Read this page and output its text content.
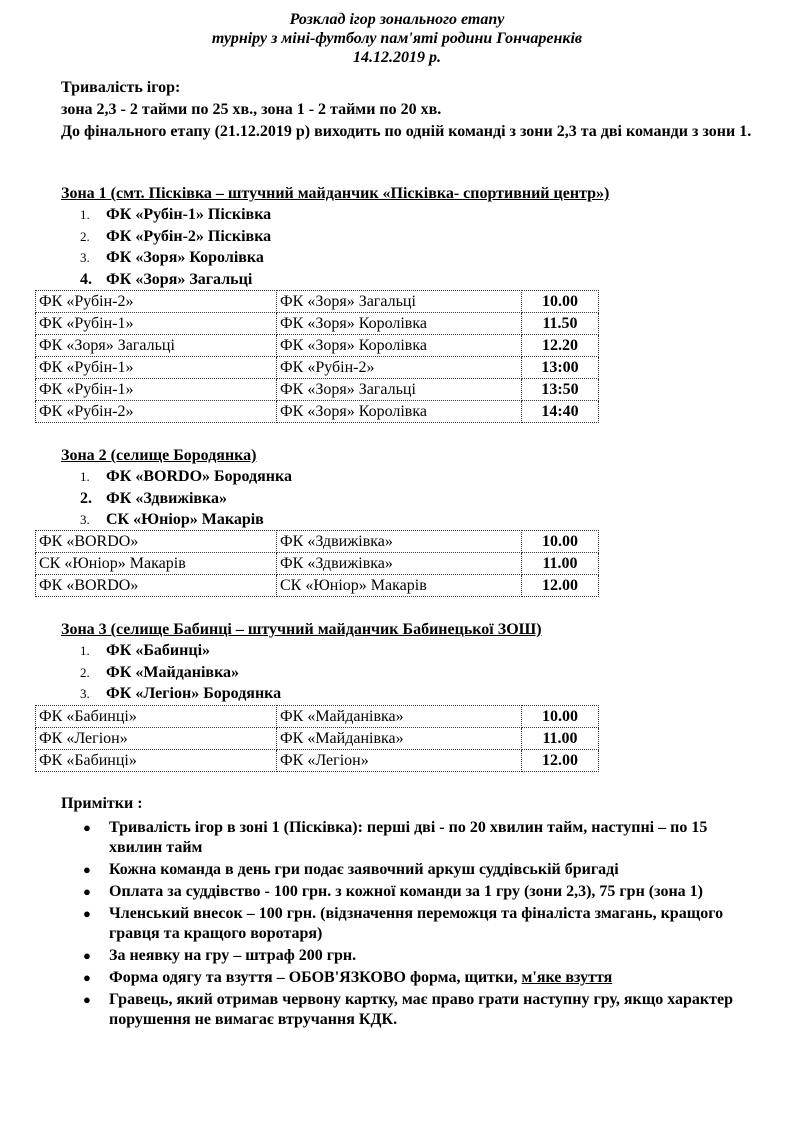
Розклад ігор зонального етапу
турніру з міні-футболу пам'яті родини Гончаренків
14.12.2019 р.

Тривалість ігор:

зона 2,3 - 2 тайми по 25 хв., зона 1 - 2 тайми по 20 хв.

До фінального етапу (21.12.2019 р) виходить по одній команді з зони 2,3 та дві команди з зони 1.

Зона 1 (смт. Пісківка – штучний майданчик «Пісківка- спортивний центр»)
1. ФК «Рубін-1» Пісківка
2. ФК «Рубін-2» Пісківка
3. ФК «Зоря» Королівка
4. ФК «Зоря» Загальці
ФК «Рубін-2»	ФК «Зоря» Загальці	10.00
ФК «Рубін-1»	ФК «Зоря» Королівка	11.50
ФК «Зоря» Загальці	ФК «Зоря» Королівка	12.20
ФК «Рубін-1»	ФК «Рубін-2»	13:00
ФК «Рубін-1»	ФК «Зоря» Загальці	13:50
ФК «Рубін-2»	ФК «Зоря» Королівка	14:40
Зона 2 (селище Бородянка)
1. ФК «BORDO» Бородянка
2. ФК «Здвижівка»
3. СК «Юніор» Макарів
ФК «BORDO»	ФК «Здвижівка»	10.00
СК «Юніор» Макарів	ФК «Здвижівка»	11.00
ФК «BORDO»	СК «Юніор» Макарів	12.00
Зона 3 (селище Бабинці – штучний майданчик Бабинецької ЗОШ)
1. ФК «Бабинці»
2. ФК «Майданівка»
3. ФК «Легіон» Бородянка
ФК «Бабинці»	ФК «Майданівка»	10.00
ФК «Легіон»	ФК «Майданівка»	11.00
ФК «Бабинці»	ФК «Легіон»	12.00
Примітки :
● Тривалість ігор в зоні 1 (Пісківка): перші дві - по 20 хвилин тайм, наступні – по 15 хвилин тайм
● Кожна команда в день гри подає заявочний аркуш суддівській бригаді
● Оплата за суддівство - 100 грн. з кожної команди за 1 гру (зони 2,3), 75 грн (зона 1)
● Членський внесок – 100 грн. (відзначення переможця та фіналіста змагань, кращого гравця та кращого воротаря)
● За неявку на гру – штраф 200 грн.
● Форма одягу та взуття – ОБОВ'ЯЗКОВО форма, щитки, м'яке взуття
● Гравець, який отримав червону картку, має право грати наступну гру, якщо характер порушення не вимагає втручання КДК.
